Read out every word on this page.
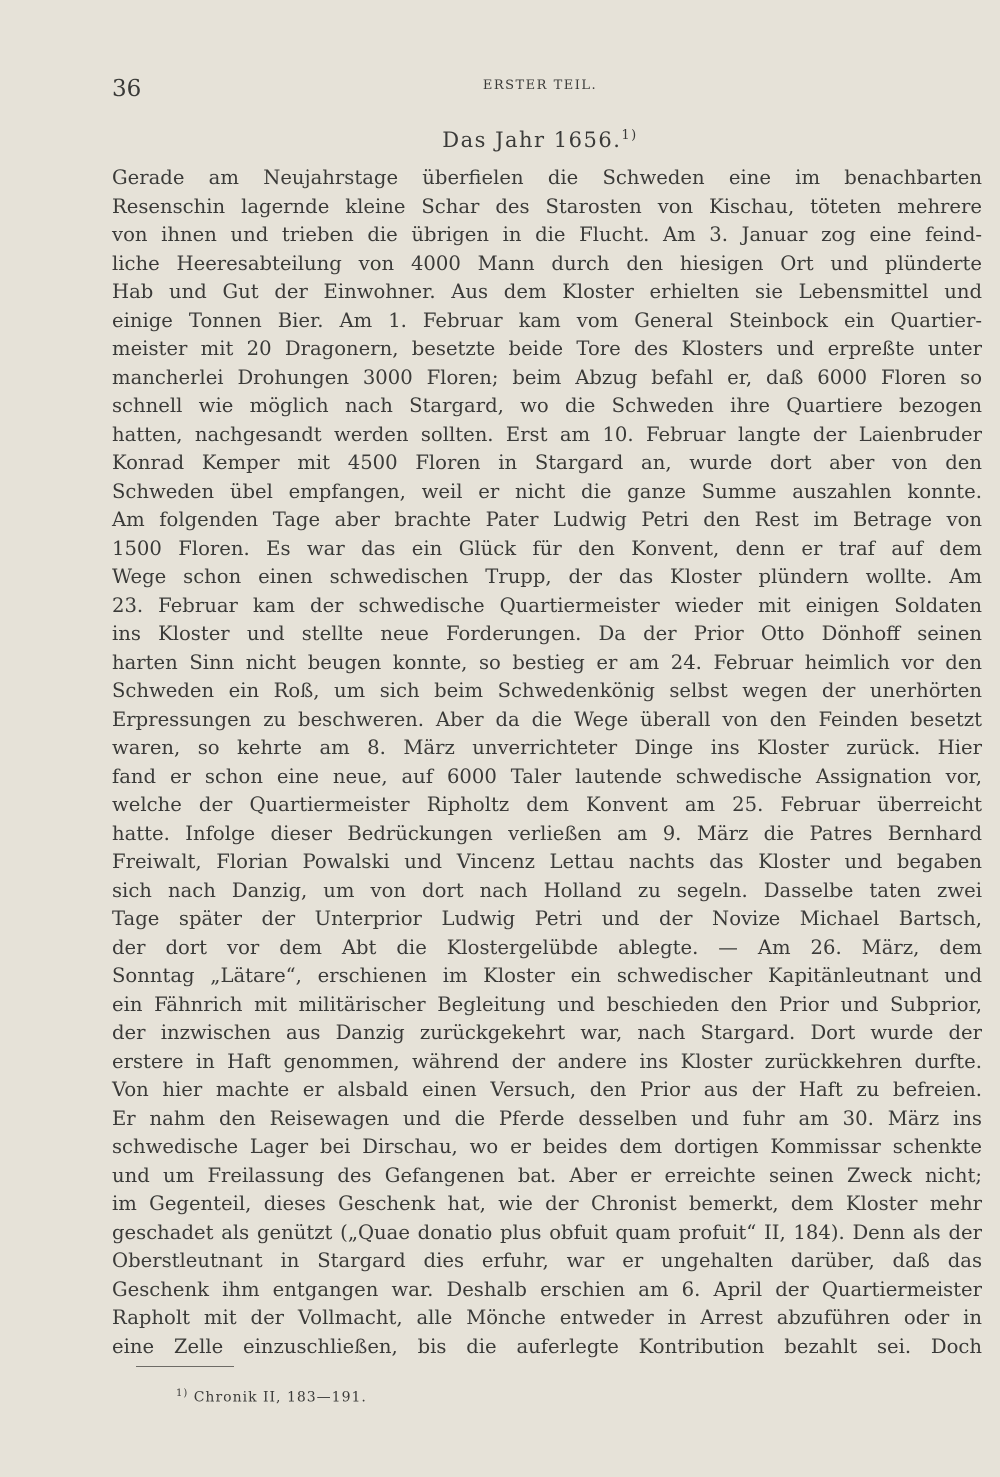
36	ERSTER TEIL.
Das Jahr 1656.$^{1)}$
Gerade am Neujahrstage überfielen die Schweden eine im benachbarten
Resenschin lagernde kleine Schar des Starosten von Kischau, töteten mehrere
von ihnen und trieben die übrigen in die Flucht. Am 3. Januar zog eine feind-
liche Heeresabteilung von 4000 Mann durch den hiesigen Ort und plünderte
Hab und Gut der Einwohner. Aus dem Kloster erhielten sie Lebensmittel und
einige Tonnen Bier. Am 1. Februar kam vom General Steinbock ein Quartier-
meister mit 20 Dragonern, besetzte beide Tore des Klosters und erpreßte unter
mancherlei Drohungen 3000 Floren; beim Abzug befahl er, daß 6000 Floren so
schnell wie möglich nach Stargard, wo die Schweden ihre Quartiere bezogen
hatten, nachgesandt werden sollten. Erst am 10. Februar langte der Laienbruder
Konrad Kemper mit 4500 Floren in Stargard an, wurde dort aber von den
Schweden übel empfangen, weil er nicht die ganze Summe auszahlen konnte.
Am folgenden Tage aber brachte Pater Ludwig Petri den Rest im Betrage von
1500 Floren. Es war das ein Glück für den Konvent, denn er traf auf dem
Wege schon einen schwedischen Trupp, der das Kloster plündern wollte. Am
23. Februar kam der schwedische Quartiermeister wieder mit einigen Soldaten
ins Kloster und stellte neue Forderungen. Da der Prior Otto Dönhoff seinen
harten Sinn nicht beugen konnte, so bestieg er am 24. Februar heimlich vor den
Schweden ein Roß, um sich beim Schwedenkönig selbst wegen der unerhörten
Erpressungen zu beschweren. Aber da die Wege überall von den Feinden besetzt
waren, so kehrte am 8. März unverrichteter Dinge ins Kloster zurück. Hier
fand er schon eine neue, auf 6000 Taler lautende schwedische Assignation vor,
welche der Quartiermeister Ripholtz dem Konvent am 25. Februar überreicht
hatte. Infolge dieser Bedrückungen verließen am 9. März die Patres Bernhard
Freiwalt, Florian Powalski und Vincenz Lettau nachts das Kloster und begaben
sich nach Danzig, um von dort nach Holland zu segeln. Dasselbe taten zwei
Tage später der Unterprior Ludwig Petri und der Novize Michael Bartsch,
der dort vor dem Abt die Klostergelübde ablegte. — Am 26. März, dem
Sonntag „Lätare“, erschienen im Kloster ein schwedischer Kapitänleutnant und
ein Fähnrich mit militärischer Begleitung und beschieden den Prior und Subprior,
der inzwischen aus Danzig zurückgekehrt war, nach Stargard. Dort wurde der
erstere in Haft genommen, während der andere ins Kloster zurückkehren durfte.
Von hier machte er alsbald einen Versuch, den Prior aus der Haft zu befreien.
Er nahm den Reisewagen und die Pferde desselben und fuhr am 30. März ins
schwedische Lager bei Dirschau, wo er beides dem dortigen Kommissar schenkte
und um Freilassung des Gefangenen bat. Aber er erreichte seinen Zweck nicht;
im Gegenteil, dieses Geschenk hat, wie der Chronist bemerkt, dem Kloster mehr
geschadet als genützt („Quae donatio plus obfuit quam profuit“ II, 184). Denn als der
Oberstleutnant in Stargard dies erfuhr, war er ungehalten darüber, daß das
Geschenk ihm entgangen war. Deshalb erschien am 6. April der Quartiermeister
Rapholt mit der Vollmacht, alle Mönche entweder in Arrest abzuführen oder in
eine Zelle einzuschließen, bis die auferlegte Kontribution bezahlt sei. Doch
$^{1)}$ Chronik II, 183—191.
